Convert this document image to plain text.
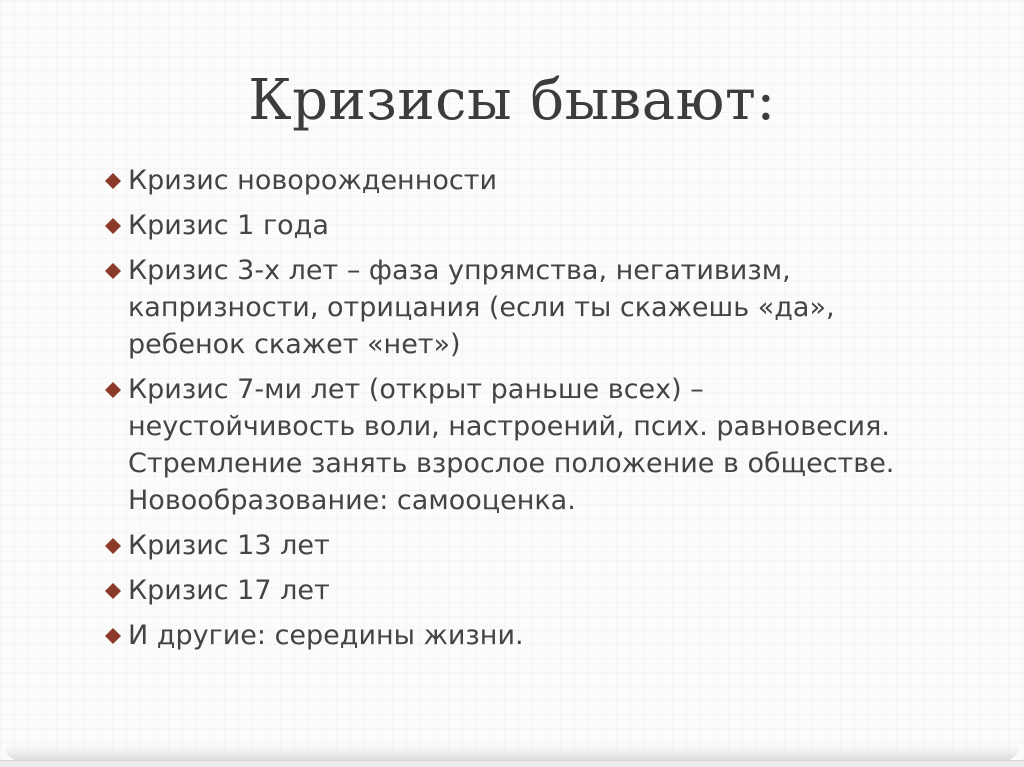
Кризисы бывают:
Кризис новорожденности
Кризис 1 года
Кризис 3-х лет – фаза упрямства, негативизм, капризности, отрицания (если ты скажешь «да», ребенок скажет «нет»)
Кризис 7-ми лет (открыт раньше всех) – неустойчивость воли, настроений, псих. равновесия. Стремление занять взрослое положение в обществе. Новообразование: самооценка.
Кризис 13 лет
Кризис 17 лет
И другие: середины жизни.
